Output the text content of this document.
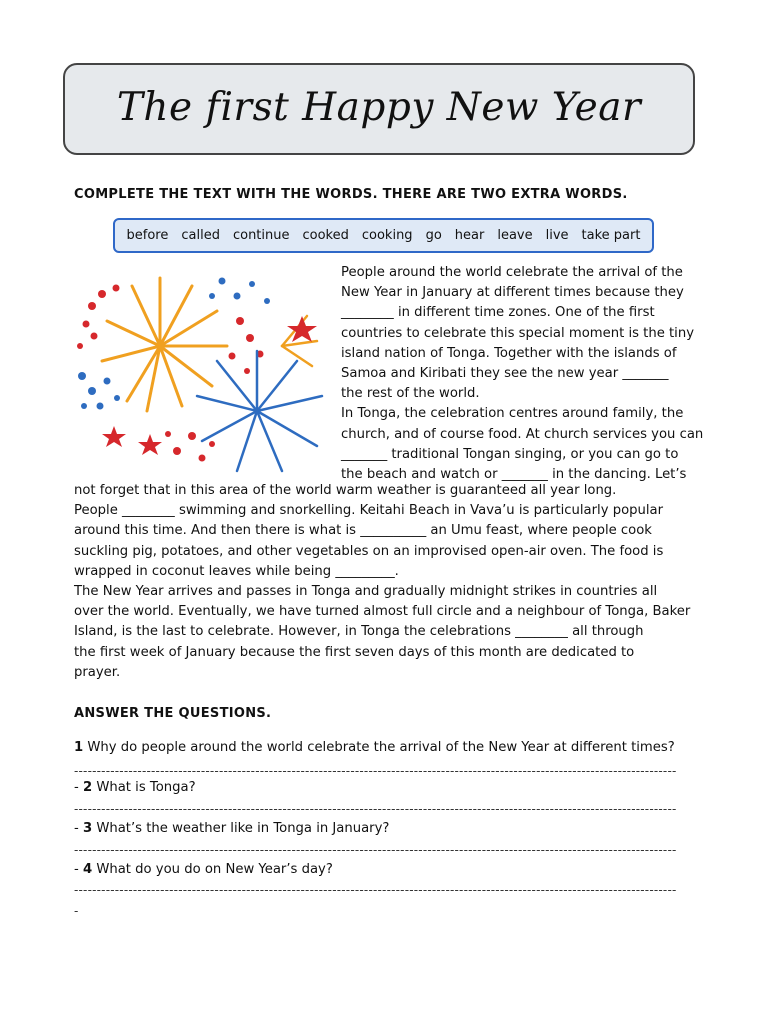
The first Happy New Year
COMPLETE THE TEXT WITH THE WORDS. THERE ARE TWO EXTRA WORDS.
before called continue cooked cooking go hear leave live take part
People around the world celebrate the arrival of the
New Year in January at different times because they
________ in different time zones. One of the first
countries to celebrate this special moment is the tiny
island nation of Tonga. Together with the islands of
Samoa and Kiribati they see the new year _______
the rest of the world.
In Tonga, the celebration centres around family, the
church, and of course food. At church services you can
_______ traditional Tongan singing, or you can go to
the beach and watch or _______ in the dancing. Let’s
not forget that in this area of the world warm weather is guaranteed all year long.
People ________ swimming and snorkelling. Keitahi Beach in Vava’u is particularly popular
around this time. And then there is what is __________ an Umu feast, where people cook
suckling pig, potatoes, and other vegetables on an improvised open-air oven. The food is
wrapped in coconut leaves while being _________.
The New Year arrives and passes in Tonga and gradually midnight strikes in countries all
over the world. Eventually, we have turned almost full circle and a neighbour of Tonga, Baker
Island, is the last to celebrate. However, in Tonga the celebrations ________ all through
the first week of January because the first seven days of this month are dedicated to
prayer.
ANSWER THE QUESTIONS.
1 Why do people around the world celebrate the arrival of the New Year at different times?
-------------------------------------------------------------------------------------------------------------------------------------
- 2 What is Tonga?
-------------------------------------------------------------------------------------------------------------------------------------
- 3 What’s the weather like in Tonga in January?
-------------------------------------------------------------------------------------------------------------------------------------
- 4 What do you do on New Year’s day?
-------------------------------------------------------------------------------------------------------------------------------------
-
